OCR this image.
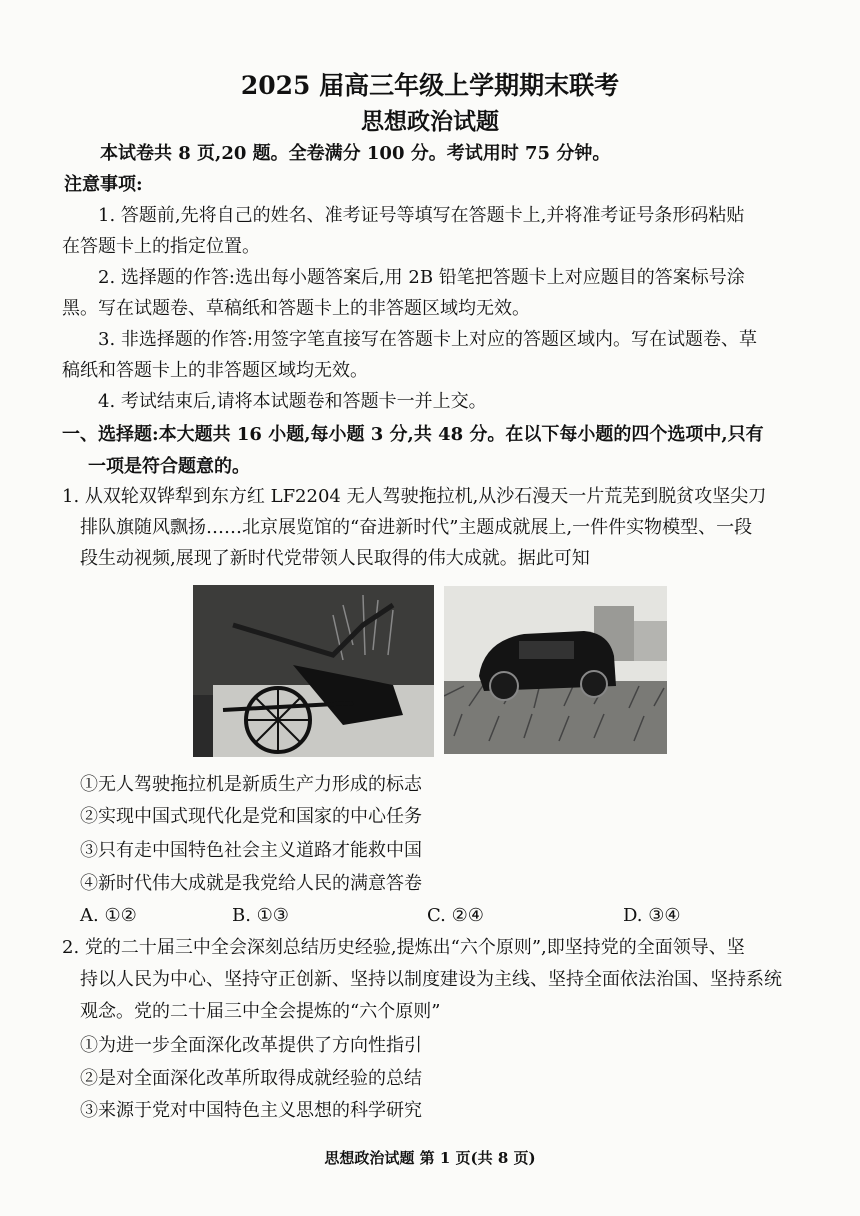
2025 届高三年级上学期期末联考
思想政治试题
本试卷共 8 页,20 题。全卷满分 100 分。考试用时 75 分钟。
注意事项:
1. 答题前,先将自己的姓名、准考证号等填写在答题卡上,并将准考证号条形码粘贴
在答题卡上的指定位置。
2. 选择题的作答:选出每小题答案后,用 2B 铅笔把答题卡上对应题目的答案标号涂
黑。写在试题卷、草稿纸和答题卡上的非答题区域均无效。
3. 非选择题的作答:用签字笔直接写在答题卡上对应的答题区域内。写在试题卷、草
稿纸和答题卡上的非答题区域均无效。
4. 考试结束后,请将本试题卷和答题卡一并上交。
一、选择题:本大题共 16 小题,每小题 3 分,共 48 分。在以下每小题的四个选项中,只有
一项是符合题意的。
1. 从双轮双铧犁到东方红 LF2204 无人驾驶拖拉机,从沙石漫天一片荒芜到脱贫攻坚尖刀
排队旗随风飘扬……北京展览馆的“奋进新时代”主题成就展上,一件件实物模型、一段
段生动视频,展现了新时代党带领人民取得的伟大成就。据此可知
①无人驾驶拖拉机是新质生产力形成的标志
②实现中国式现代化是党和国家的中心任务
③只有走中国特色社会主义道路才能救中国
④新时代伟大成就是我党给人民的满意答卷
A. ①②	B. ①③	C. ②④	D. ③④
2. 党的二十届三中全会深刻总结历史经验,提炼出“六个原则”,即坚持党的全面领导、坚
持以人民为中心、坚持守正创新、坚持以制度建设为主线、坚持全面依法治国、坚持系统
观念。党的二十届三中全会提炼的“六个原则”
①为进一步全面深化改革提供了方向性指引
②是对全面深化改革所取得成就经验的总结
③来源于党对中国特色主义思想的科学研究
思想政治试题 第 1 页(共 8 页)
